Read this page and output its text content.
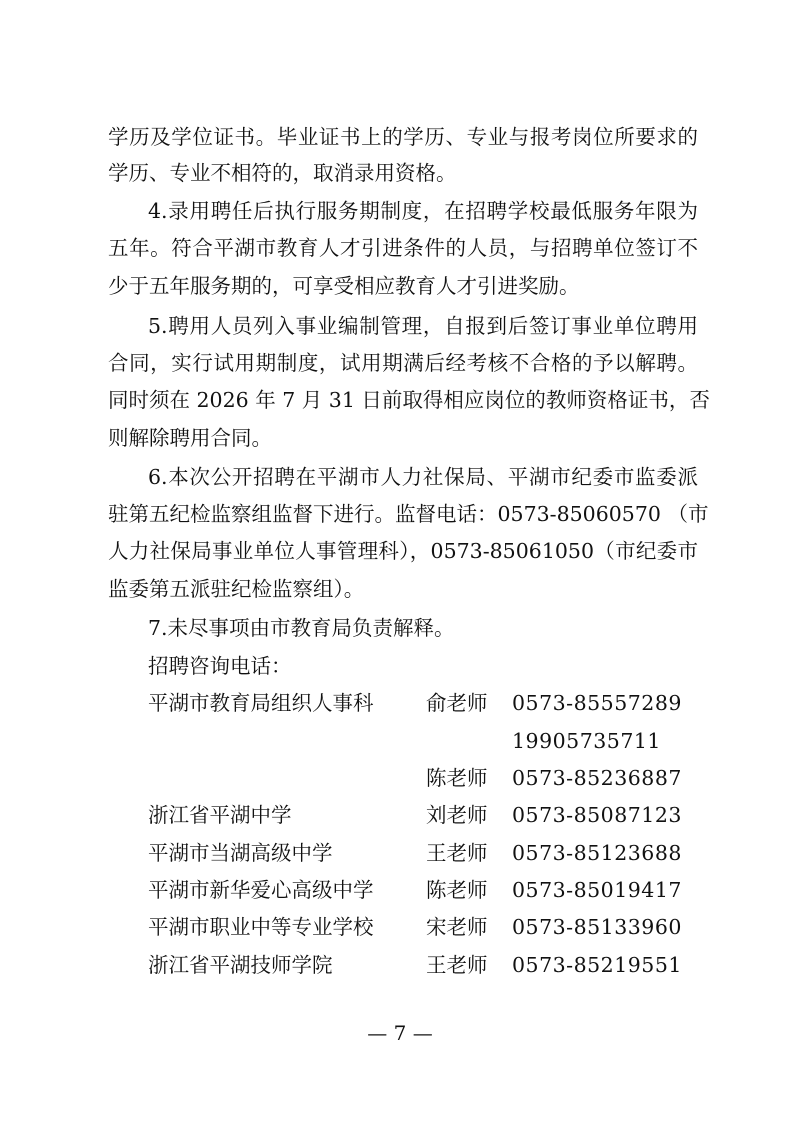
学历及学位证书。毕业证书上的学历、专业与报考岗位所要求的
学历、专业不相符的，取消录用资格。
4.录用聘任后执行服务期制度，在招聘学校最低服务年限为
五年。符合平湖市教育人才引进条件的人员，与招聘单位签订不
少于五年服务期的，可享受相应教育人才引进奖励。
5.聘用人员列入事业编制管理，自报到后签订事业单位聘用
合同，实行试用期制度，试用期满后经考核不合格的予以解聘。
同时须在 2026 年 7 月 31 日前取得相应岗位的教师资格证书，否
则解除聘用合同。
6.本次公开招聘在平湖市人力社保局、平湖市纪委市监委派
驻第五纪检监察组监督下进行。监督电话：0573-85060570 （市
人力社保局事业单位人事管理科），0573-85061050（市纪委市
监委第五派驻纪检监察组）。
7.未尽事项由市教育局负责解释。
招聘咨询电话：
平湖市教育局组织人事科	俞老师 0573-85557289
19905735711
陈老师 0573-85236887
浙江省平湖中学	刘老师 0573-85087123
平湖市当湖高级中学	王老师 0573-85123688
平湖市新华爱心高级中学	陈老师 0573-85019417
平湖市职业中等专业学校	宋老师 0573-85133960
浙江省平湖技师学院	王老师 0573-85219551
— 7 —
